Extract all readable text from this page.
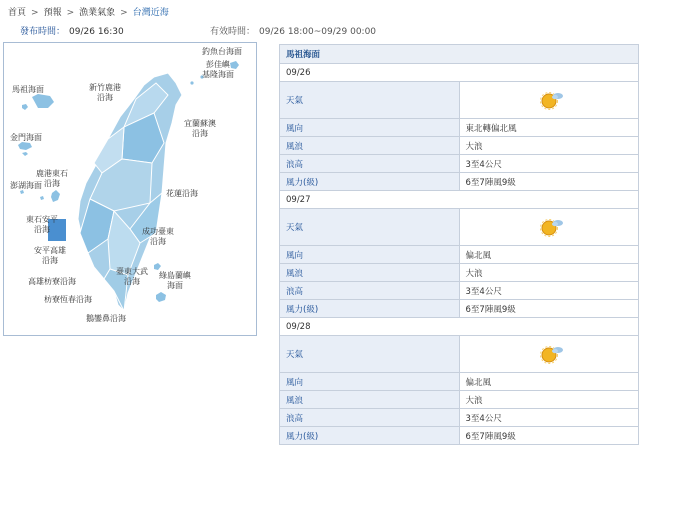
首頁 > 預報 > 漁業氣象 > 台灣近海
發布時間： 09/26 16:30	有效時間： 09/26 18:00~09/29 00:00
釣魚台海面
彭佳嶼
基隆海面
馬祖海面	新竹鹿港
沿海
宜蘭蘇澳
沿海
金門海面
鹿港東石
沿海
澎湖海面
花蓮沿海
東石安平
沿海	成功臺東
沿海
安平高雄
沿海
臺東大武
沿海
綠島蘭嶼
海面
高雄枋寮沿海
枋寮恆春沿海
鵝鑾鼻沿海
馬祖海面	
09/26	
天氣	

風向	東北轉偏北風
風浪	大浪
浪高	3至4公尺
風力(級)	6至7陣風9級
09/27	
天氣	

風向	偏北風
風浪	大浪
浪高	3至4公尺
風力(級)	6至7陣風9級
09/28	
天氣	

風向	偏北風
風浪	大浪
浪高	3至4公尺
風力(級)	6至7陣風9級
